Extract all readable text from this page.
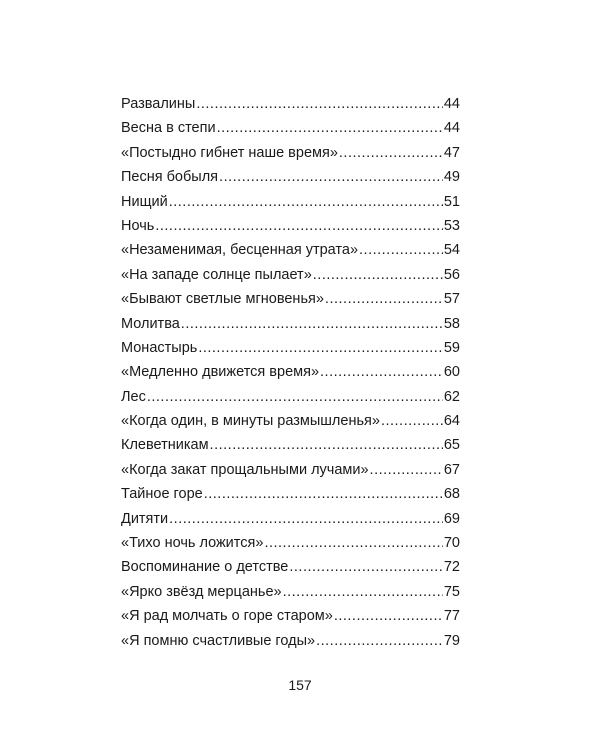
Развалины .....	44
Весна в степи .....	44
«Постыдно гибнет наше время» .....	47
Песня бобыля .....	49
Нищий .....	51
Ночь .....	53
«Незаменимая, бесценная утрата» .....	54
«На западе солнце пылает» .....	56
«Бывают светлые мгновенья» .....	57
Молитва .....	58
Монастырь .....	59
«Медленно движется время» .....	60
Лес .....	62
«Когда один, в минуты размышленья» .....	64
Клеветникам .....	65
«Когда закат прощальными лучами» .....	67
Тайное горе .....	68
Дитяти .....	69
«Тихо ночь ложится» .....	70
Воспоминание о детстве .....	72
«Ярко звёзд мерцанье» .....	75
«Я рад молчать о горе старом» .....	77
«Я помню счастливые годы» .....	79
157
